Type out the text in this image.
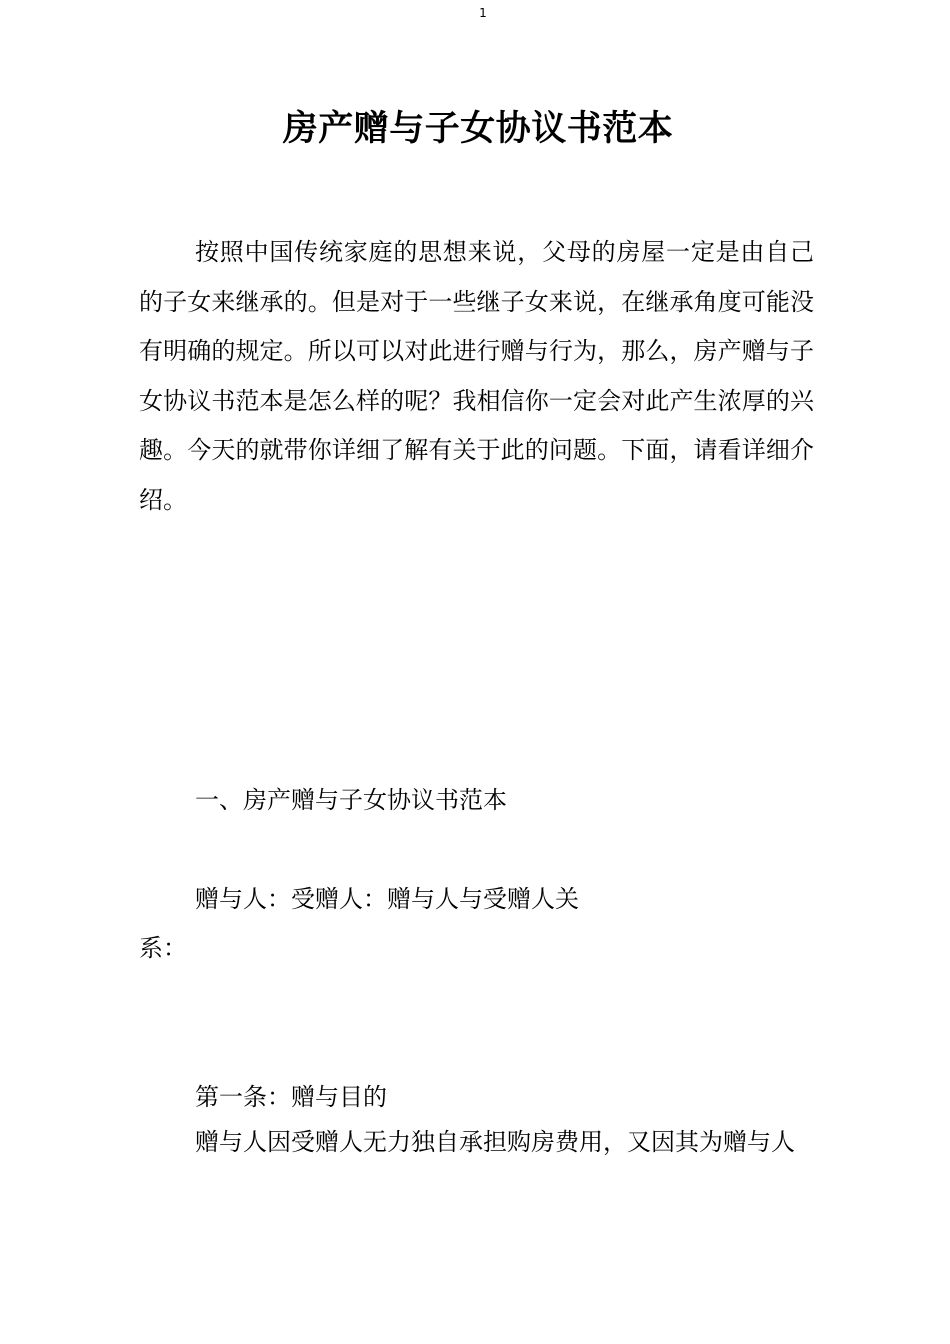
1
房产赠与子女协议书范本

按照中国传统家庭的思想来说，父母的房屋一定是由自己的子女来继承的。但是对于一些继子女来说，在继承角度可能没有明确的规定。所以可以对此进行赠与行为，那么，房产赠与子女协议书范本是怎么样的呢？我相信你一定会对此产生浓厚的兴趣。今天的就带你详细了解有关于此的问题。下面，请看详细介绍。

一、房产赠与子女协议书范本

赠与人：受赠人：赠与人与受赠人关

系：

第一条：赠与目的

赠与人因受赠人无力独自承担购房费用，又因其为赠与人
